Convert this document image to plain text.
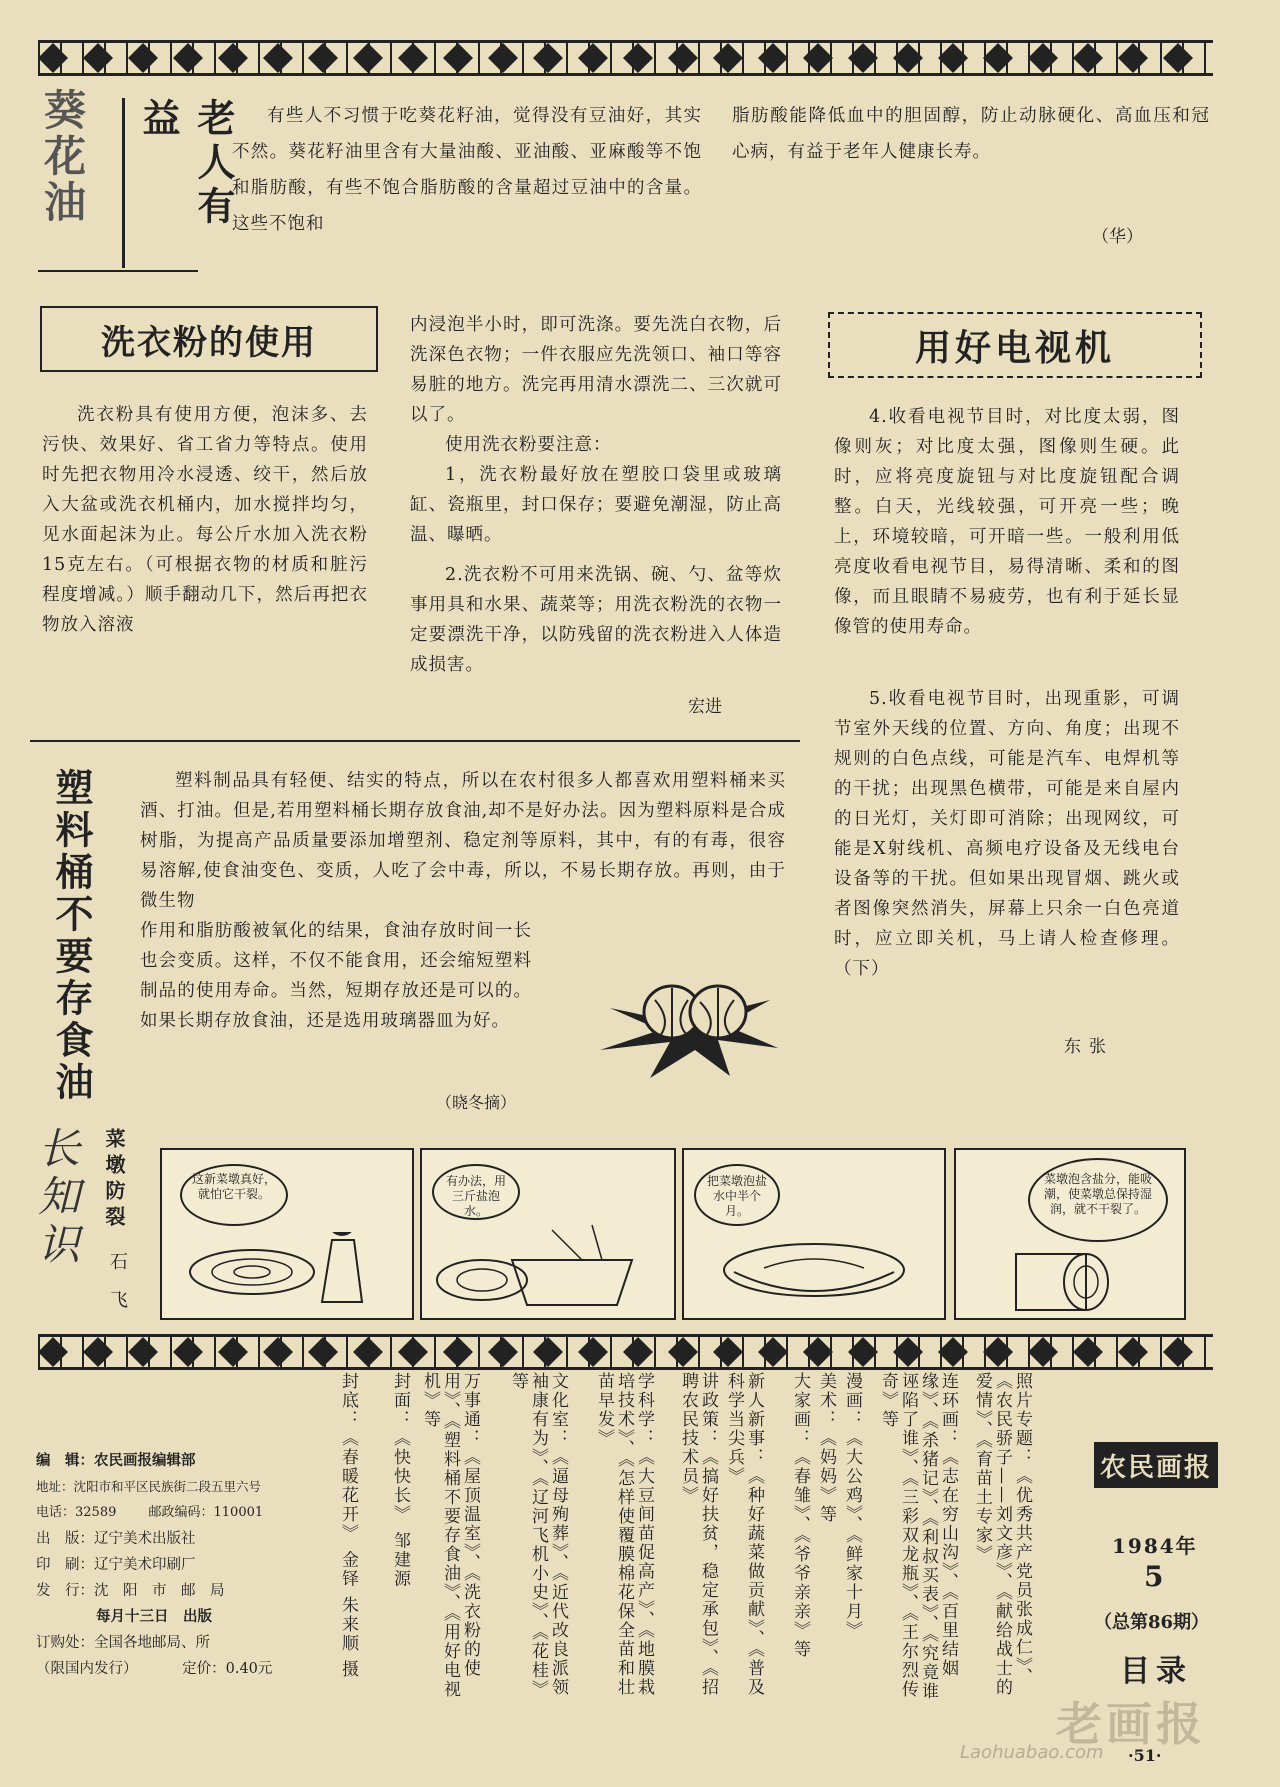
葵花油	老人有益	有些人不习惯于吃葵花籽油，觉得没有豆油好，其实不然。葵花籽油里含有大量油酸、亚油酸、亚麻酸等不饱和脂肪酸，有些不饱合脂肪酸的含量超过豆油中的含量。这些不饱和

脂肪酸能降低血中的胆固醇，防止动脉硬化、高血压和冠心病，有益于老年人健康长寿。

（华）

洗衣粉的使用

洗衣粉具有使用方便，泡沫多、去污快、效果好、省工省力等特点。使用时先把衣物用冷水浸透、绞干，然后放入大盆或洗衣机桶内，加水搅拌均匀，见水面起沫为止。每公斤水加入洗衣粉15克左右。（可根据衣物的材质和脏污程度增减。）顺手翻动几下，然后再把衣物放入溶液

内浸泡半小时，即可洗涤。要先洗白衣物，后洗深色衣物；一件衣服应先洗领口、袖口等容易脏的地方。洗完再用清水漂洗二、三次就可以了。

使用洗衣粉要注意：

1，洗衣粉最好放在塑胶口袋里或玻璃缸、瓷瓶里，封口保存；要避免潮湿，防止高温、曝晒。

2.洗衣粉不可用来洗锅、碗、勺、盆等炊事用具和水果、蔬菜等；用洗衣粉洗的衣物一定要漂洗干净，以防残留的洗衣粉进入人体造成损害。

宏进

用好电视机

4.收看电视节目时，对比度太弱，图像则灰；对比度太强，图像则生硬。此时，应将亮度旋钮与对比度旋钮配合调整。白天，光线较强，可开亮一些；晚上，环境较暗，可开暗一些。一般利用低亮度收看电视节目，易得清晰、柔和的图像，而且眼睛不易疲劳，也有利于延长显像管的使用寿命。

5.收看电视节目时，出现重影，可调节室外天线的位置、方向、角度；出现不规则的白色点线，可能是汽车、电焊机等的干扰；出现黑色横带，可能是来自屋内的日光灯，关灯即可消除；出现网纹，可能是X射线机、高频电疗设备及无线电台设备等的干扰。但如果出现冒烟、跳火或者图像突然消失，屏幕上只余一白色亮道时，应立即关机，马上请人检查修理。（下）

东张

塑料桶不要存食油	塑料制品具有轻便、结实的特点，所以在农村很多人都喜欢用塑料桶来买酒、打油。但是,若用塑料桶长期存放食油,却不是好办法。因为塑料原料是合成树脂，为提高产品质量要添加增塑剂、稳定剂等原料，其中，有的有毒，很容易溶解,使食油变色、变质，人吃了会中毒，所以，不易长期存放。再则，由于微生物

作用和脂肪酸被氧化的结果，食油存放时间一长也会变质。这样，不仅不能食用，还会缩短塑料制品的使用寿命。当然，短期存放还是可以的。如果长期存放食油，还是选用玻璃器皿为好。

（晓冬摘）

长知识 菜墩防裂
石飞
这新菜墩真好，就怕它干裂。
有办法，用三斤盐泡水。
把菜墩泡盐水中半个月。
菜墩泡含盐分，能吸潮，使菜墩总保持湿润，就不干裂了。

编　辑：农民画报编辑部

地址：沈阳市和平区民族街二段五里六号

电话：32589 邮政编码：110001

出　版：辽宁美术出版社

印　刷：辽宁美术印刷厂

发　行：沈　阳　市　邮　局

每月十三日　出版

订购处：全国各地邮局、所

（限国内发行）	定价：0.40元	封底：《春暖花开》 金铎 朱来顺 摄 封面：《快快长》 邹建源	万事通：《屋顶温室》、《洗衣粉的使用》、《塑料桶不要存食油》、《用好电视机》等	文化室：《逼母殉葬》、《近代改良派领袖康有为》、《辽河飞机小史》、《花桂》等	学科学：《大豆间苗促高产》、《地膜栽培技术》、《怎样使覆膜棉花保全苗和壮苗早发》	讲政策：《搞好扶贫，稳定承包》、《招聘农民技术员》	新人新事：《种好蔬菜做贡献》、《普及科学当尖兵》	大家画：《春雏》、《爷爷亲亲》等 美术：《妈妈》等 漫画：《大公鸡》、《鲜家十月》	连环画：《志在穷山沟》、《百里结姻缘》、《杀猪记》、《利叔买表》、《究竟谁诬陷了谁》、《三彩双龙瓶》、《王尔烈传奇》等	照片专题：《优秀共产党员张成仁》、《农民骄子——刘文彦》、《献给战士的爱情》、《育苗土专家》	农民画报

1984年

5

（总第86期）

目录

·51·

老画报

Laohuabao.com
